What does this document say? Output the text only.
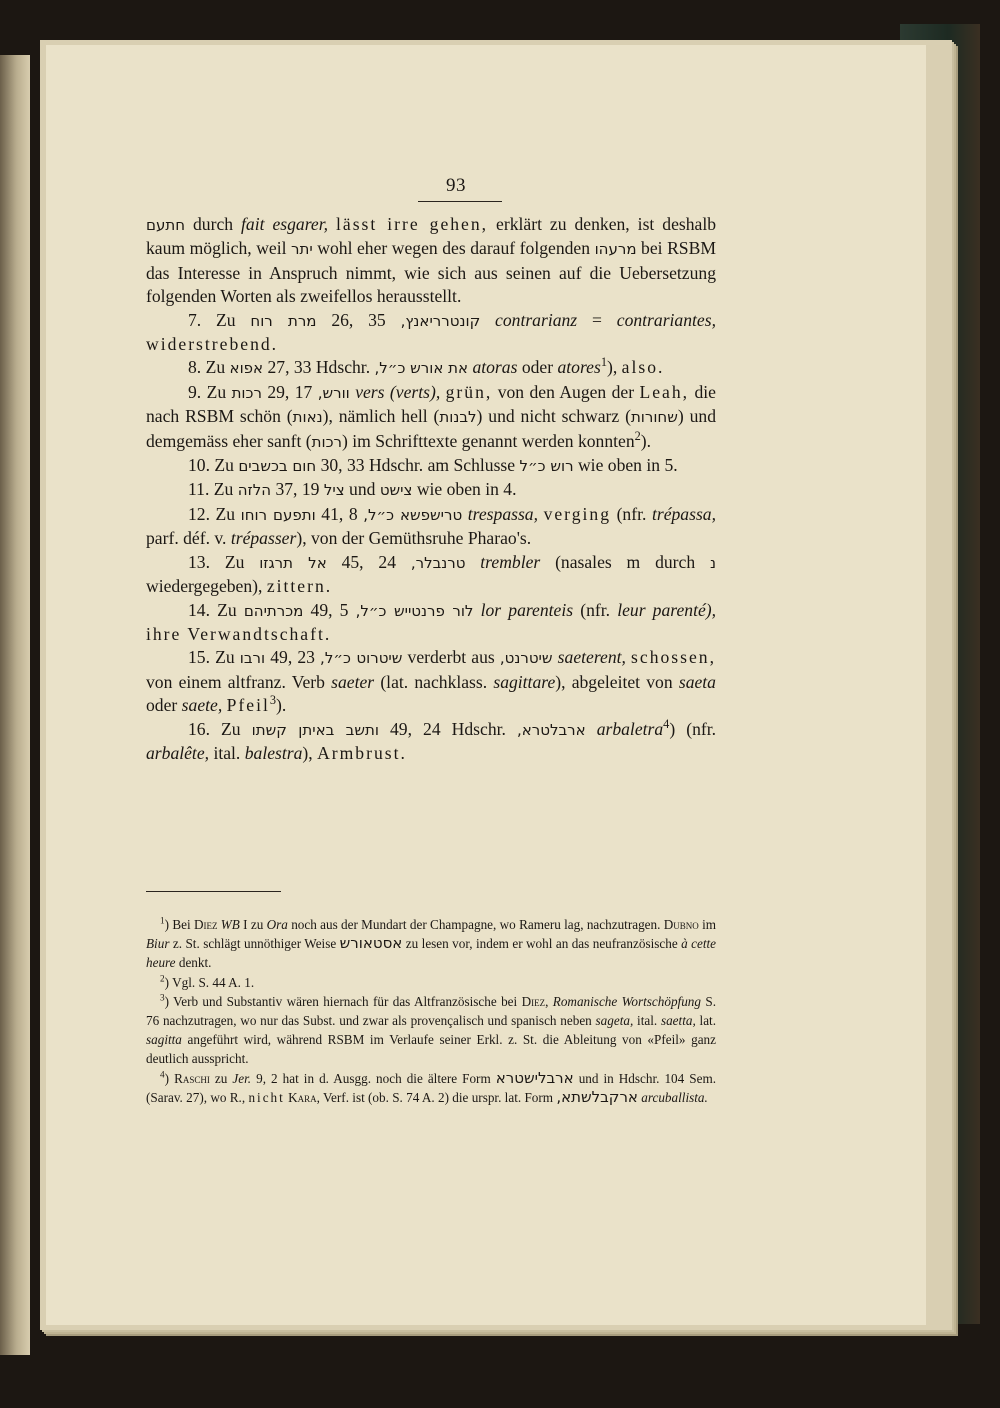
93

חתעם durch fait esgarer, lässt irre gehen, erklärt zu denken, ist deshalb kaum möglich, weil יתר wohl eher wegen des darauf folgenden מרעהו bei RSBM das Interesse in Anspruch nimmt, wie sich aus seinen auf die Uebersetzung folgenden Worten als zweifellos herausstellt.

7. Zu מרת רוח 26, 35 קונטרריאנץ, contrarianz = contrariantes, widerstrebend.

8. Zu אפוא 27, 33 Hdschr. את אורש כ״ל, atoras oder atores$^1$), also.

9. Zu רכות 29, 17 וורש, vers (verts), grün, von den Augen der Leah, die nach RSBM schön (נאות), nämlich hell (לבנות) und nicht schwarz (שחורות) und demgemäss eher sanft (רכות) im Schrifttexte genannt werden konnten$^2$).

10. Zu חום בכשבים 30, 33 Hdschr. am Schlusse רוש כ״ל wie oben in 5.

11. Zu הלזה 37, 19 ציל und צישט wie oben in 4.

12. Zu ותפעם רוחו 41, 8 טרישפשא כ״ל, trespassa, verging (nfr. trépassa, parf. déf. v. trépasser), von der Gemüthsruhe Pharao's.

13. Zu אל תרגזו 45, 24 טרנבלר, trembler (nasales m durch נ wiedergegeben), zittern.

14. Zu מכרתיהם 49, 5 לור פרנטייש כ״ל, lor parenteis (nfr. leur parenté), ihre Verwandtschaft.

15. Zu ורבו 49, 23 שיטרוט כ״ל, verderbt aus שיטרנט, saeterent, schossen, von einem altfranz. Verb saeter (lat. nachklass. sagittare), abgeleitet von saeta oder saete, Pfeil$^3$).

16. Zu ותשב באיתן קשתו 49, 24 Hdschr. ארבלטרא, arbaletra$^4$) (nfr. arbalête, ital. balestra), Armbrust.

$^1$) Bei Diez WB I zu Ora noch aus der Mundart der Champagne, wo Rameru lag, nachzutragen. Dubno im Biur z. St. schlägt unnöthiger Weise אסטאורש zu lesen vor, indem er wohl an das neufranzösische à cette heure denkt.

$^2$) Vgl. S. 44 A. 1.

$^3$) Verb und Substantiv wären hiernach für das Altfranzösische bei Diez, Romanische Wortschöpfung S. 76 nachzutragen, wo nur das Subst. und zwar als provençalisch und spanisch neben sageta, ital. saetta, lat. sagitta angeführt wird, während RSBM im Verlaufe seiner Erkl. z. St. die Ableitung von «Pfeil» ganz deutlich ausspricht.

$^4$) Raschi zu Jer. 9, 2 hat in d. Ausgg. noch die ältere Form ארבלישטרא und in Hdschr. 104 Sem. (Sarav. 27), wo R., nicht Kara, Verf. ist (ob. S. 74 A. 2) die urspr. lat. Form ארקבלשתא, arcuballista.
